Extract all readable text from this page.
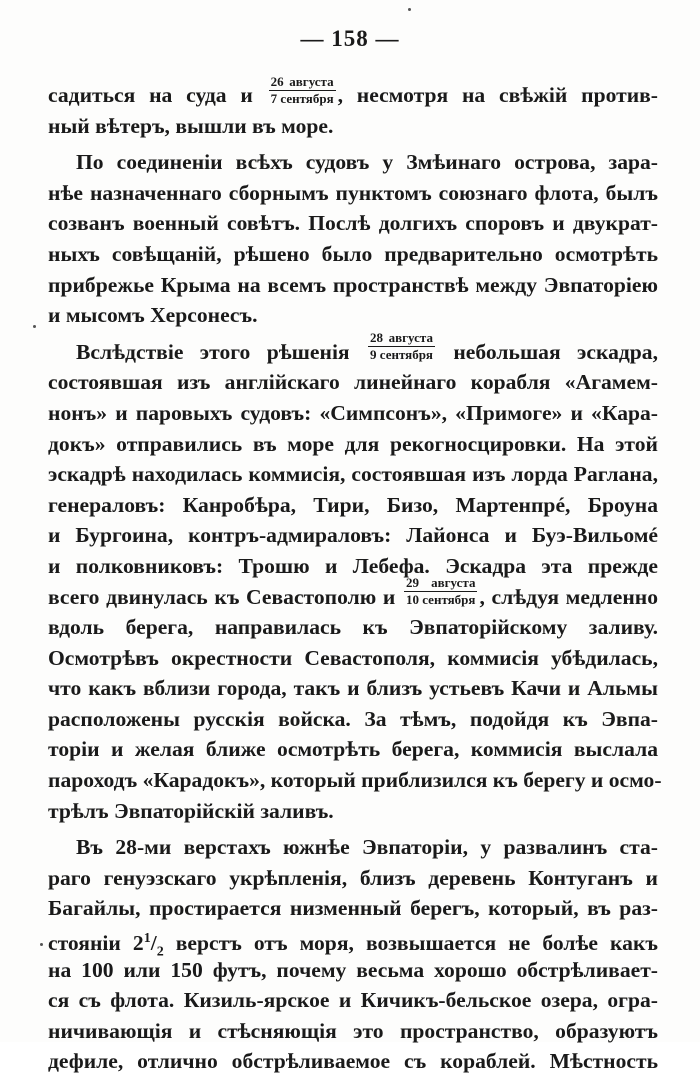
— 158 —
садиться на суда и $\frac{\text{26 августа}}{\text{7 сентября}}$ , несмотря на свѣжій против-
ный вѣтеръ, вышли въ море.
По соединеніи всѣхъ судовъ у Змѣинаго острова, зара-
нѣе назначеннаго сборнымъ пунктомъ союзнаго флота, былъ
созванъ военный совѣтъ. Послѣ долгихъ споровъ и двукрат-
ныхъ совѣщаній, рѣшено было предварительно осмотрѣть
прибрежье Крыма на всемъ пространствѣ между Эвпаторіею
и мысомъ Херсонесъ.
Вслѣдствіе этого рѣшенія $\frac{\text{28 августа}}{\text{9 сентября}}$ небольшая эскадра,
состоявшая изъ англійскаго линейнаго корабля «Агамем-
нонъ» и паровыхъ судовъ: «Симпсонъ», «Примоге» и «Кара-
докъ» отправились въ море для рекогносцировки. На этой
эскадрѣ находилась коммисія, состоявшая изъ лорда Раглана,
генераловъ: Канробѣра, Тири, Бизо, Мартенпрé, Броуна
и Бургоина, контръ-адмираловъ: Лайонса и Буэ-Вильомé
и полковниковъ: Трошю и Лебефа. Эскадра эта прежде
всего двинулась къ Севастополю и $\frac{\text{29 августа}}{\text{10 сентября}}$ , слѣдуя медленно
вдоль берега, направилась къ Эвпаторійскому заливу.
Осмотрѣвъ окрестности Севастополя, коммисія убѣдилась,
что какъ вблизи города, такъ и близъ устьевъ Качи и Альмы
расположены русскія войска. За тѣмъ, подойдя къ Эвпа-
торіи и желая ближе осмотрѣть берега, коммисія выслала
пароходъ «Карадокъ», который приблизился къ берегу и осмо-
трѣлъ Эвпаторійскій заливъ.
Въ 28-ми верстахъ южнѣе Эвпаторіи, у развалинъ ста-
раго генуэзскаго укрѣпленія, близъ деревень Контуганъ и
Багайлы, простирается низменный берегъ, который, въ раз-
стояніи $2^1/_2$ верстъ отъ моря, возвышается не болѣе какъ
на 100 или 150 футъ, почему весьма хорошо обстрѣливает-
ся съ флота. Кизиль-ярское и Кичикъ-бельское озера, огра-
ничивающія и стѣсняющія это пространство, образуютъ
дефиле, отлично обстрѣливаемое съ кораблей. Мѣстность
